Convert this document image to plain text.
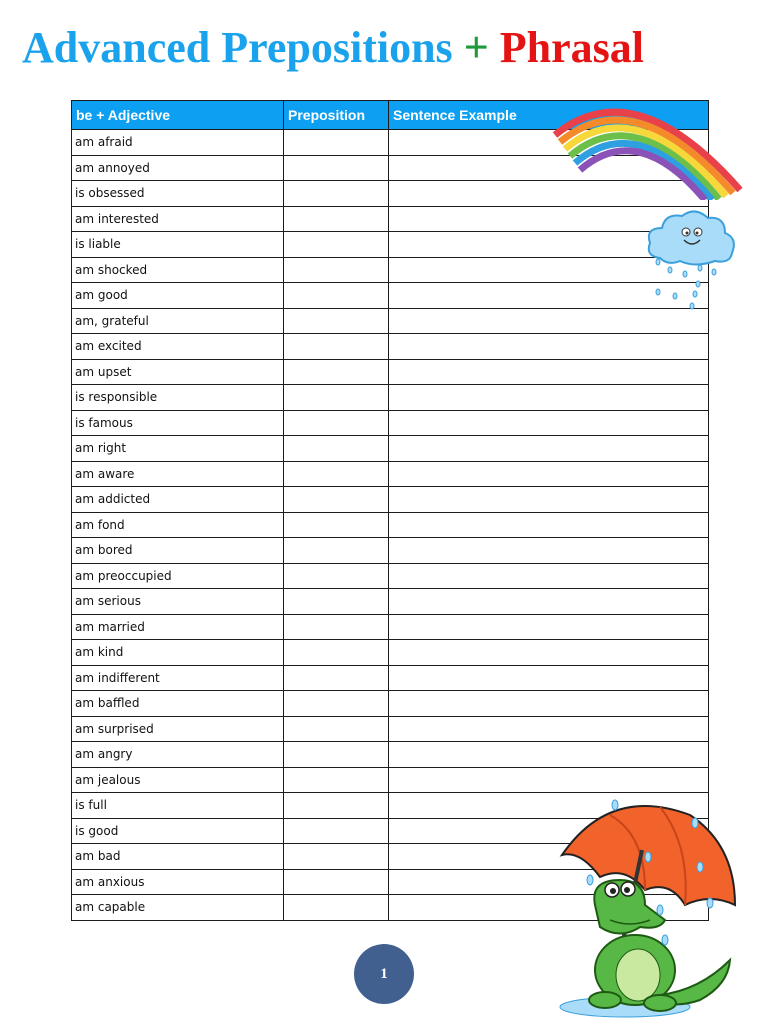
Advanced Prepositions + Phrasal
be + Adjective	Preposition	Sentence Example
am afraid		
am annoyed		
is obsessed		
am interested		
is liable		
am shocked		
am good		
am, grateful		
am excited		
am upset		
is responsible		
is famous		
am right		
am aware		
am addicted		
am fond		
am bored		
am preoccupied		
am serious		
am married		
am kind		
am indifferent		
am baffled		
am surprised		
am angry		
am jealous		
is full		
is good		
am bad		
am anxious		
am capable		
1
